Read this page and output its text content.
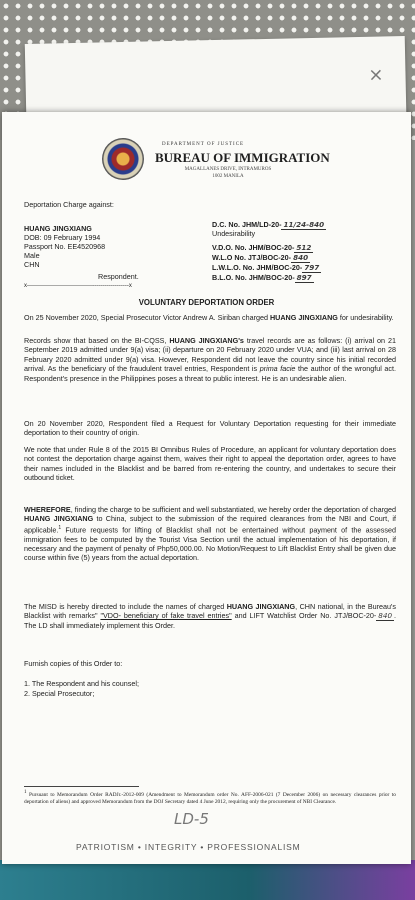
×
DEPARTMENT OF JUSTICE
BUREAU OF IMMIGRATION
MAGALLANES DRIVE, INTRAMUROS
1002 MANILA
Deportation Charge against:
HUANG JINGXIANG
DOB: 09 February 1994
Passport No. EE4520968
Male
CHN
Respondent.
x---------------------------------------------------x
D.C. No. JHM/LD-20- 11/24-840
Undesirability
V.D.O. No. JHM/BOC-20- 512
W.L.O No. JTJ/BOC-20- 840
L.W.L.O. No. JHM/BOC-20- 797
B.L.O. No. JHM/BOC-20- 897
VOLUNTARY DEPORTATION ORDER
On 25 November 2020, Special Prosecutor Victor Andrew A. Siriban charged HUANG JINGXIANG for undesirability.
Records show that based on the BI-CQSS, HUANG JINGXIANG's travel records are as follows: (i) arrival on 21 September 2019 admitted under 9(a) visa; (ii) departure on 20 February 2020 under VUA; and (iii) last arrival on 28 February 2020 admitted under 9(a) visa. However, Respondent did not leave the country since his initial recorded arrival. As the beneficiary of the fraudulent travel entries, Respondent is prima facie the author of the wrongful act. Respondent's presence in the Philippines poses a threat to public interest. He is an undesirable alien.
On 20 November 2020, Respondent filed a Request for Voluntary Deportation requesting for their immediate deportation to their country of origin.
We note that under Rule 8 of the 2015 BI Omnibus Rules of Procedure, an applicant for voluntary deportation does not contest the deportation charge against them, waives their right to appeal the deportation order, agrees to have their names included in the Blacklist and be barred from re-entering the country, and undertakes to secure their outbound ticket.
WHEREFORE, finding the charge to be sufficient and well substantiated, we hereby order the deportation of charged HUANG JINGXIANG to China, subject to the submission of the required clearances from the NBI and Court, if applicable.$^1$ Future requests for lifting of Blacklist shall not be entertained without payment of the assessed immigration fees to be computed by the Tourist Visa Section until the actual implementation of his deportation, if necessary and the payment of penalty of Php50,000.00. No Motion/Request to Lift Blacklist Entry shall be given due course within five (5) years from the actual deportation.
The MISD is hereby directed to include the names of charged HUANG JINGXIANG, CHN national, in the Bureau's Blacklist with remarks" "VDO- beneficiary of fake travel entries" and LIFT Watchlist Order No. JTJ/BOC-20- 840 . The LD shall immediately implement this Order.
Furnish copies of this Order to:
1. The Respondent and his counsel;
2. Special Prosecutor;
$^1$ Pursuant to Memorandum Order RADJr.-2012-009 (Amendment to Memorandum order No. AFF-2006-021 (7 December 2006) on necessary clearances prior to deportation of aliens) and approved Memorandum from the DOJ Secretary dated 4 June 2012, requiring only the procurement of NBI Clearance.
PATRIOTISM • INTEGRITY • PROFESSIONALISM
LD-5
